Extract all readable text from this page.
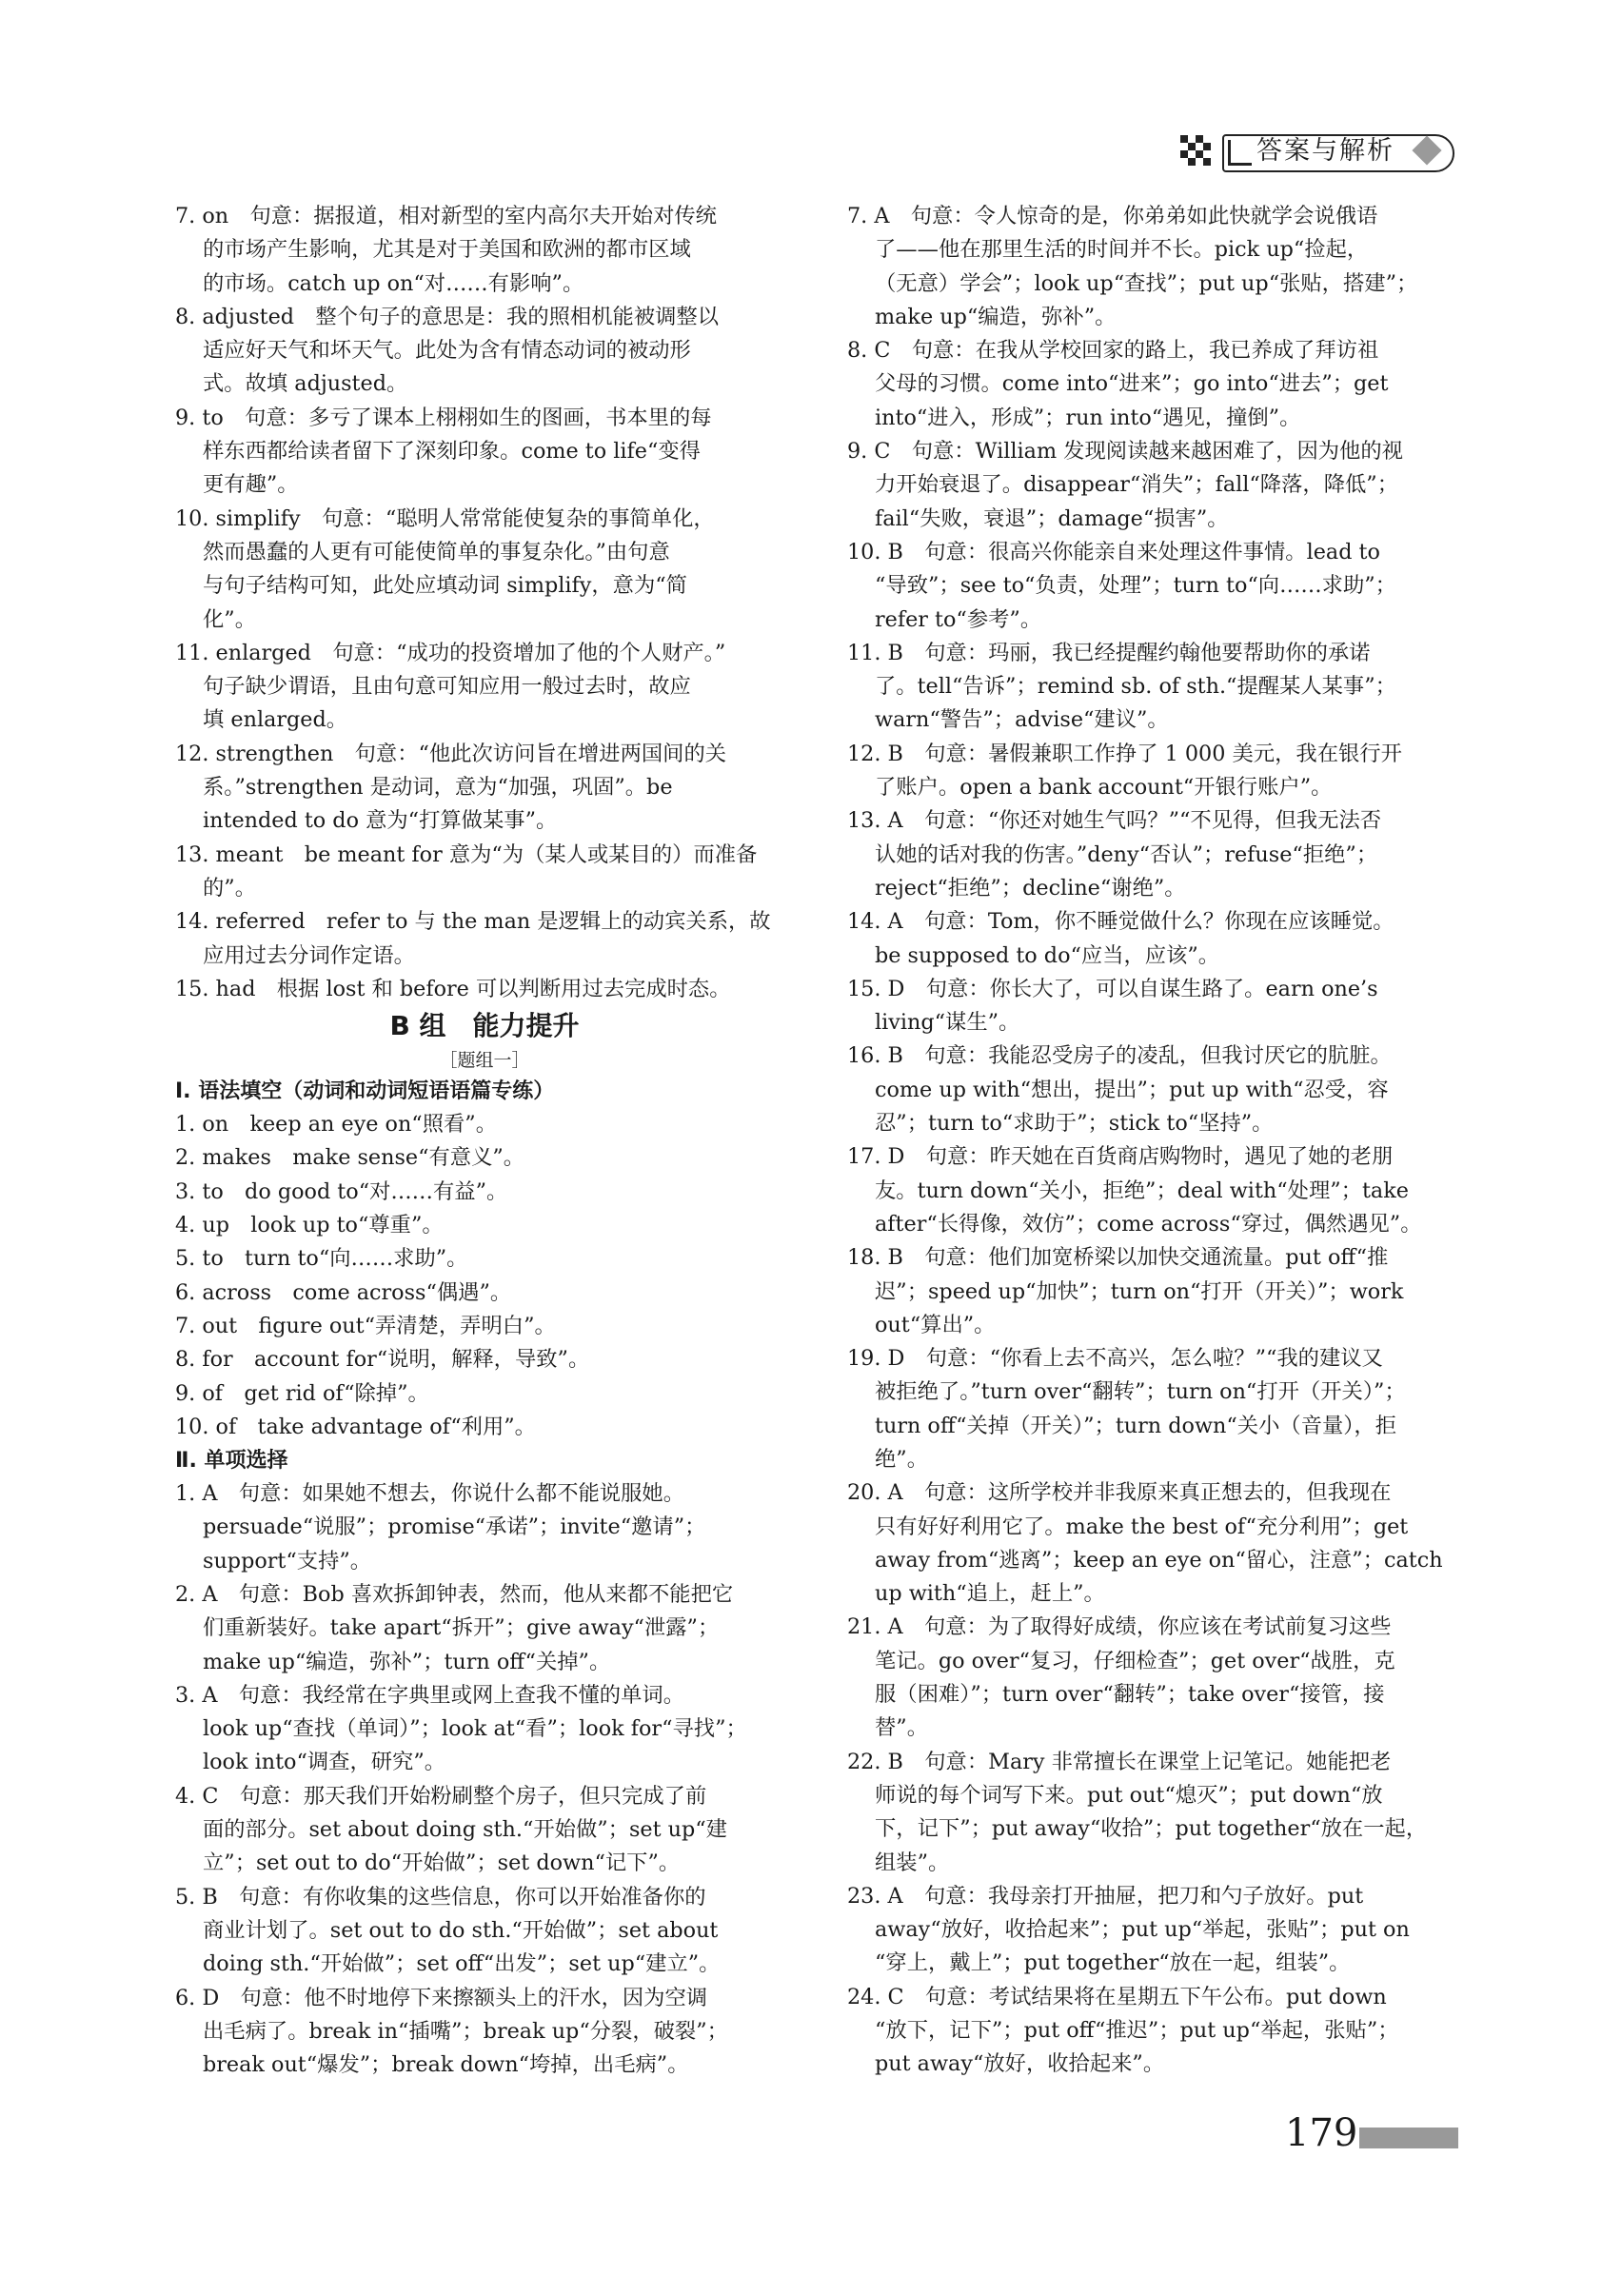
答案与解析
7. on　句意：据报道，相对新型的室内高尔夫开始对传统
的市场产生影响，尤其是对于美国和欧洲的都市区域
的市场。catch up on“对……有影响”。
8. adjusted　整个句子的意思是：我的照相机能被调整以
适应好天气和坏天气。此处为含有情态动词的被动形
式。故填 adjusted。
9. to　句意：多亏了课本上栩栩如生的图画，书本里的每
样东西都给读者留下了深刻印象。come to life“变得
更有趣”。
10. simplify　句意：“聪明人常常能使复杂的事简单化，
然而愚蠢的人更有可能使简单的事复杂化。”由句意
与句子结构可知，此处应填动词 simplify，意为“简
化”。
11. enlarged　句意：“成功的投资增加了他的个人财产。”
句子缺少谓语，且由句意可知应用一般过去时，故应
填 enlarged。
12. strengthen　句意：“他此次访问旨在增进两国间的关
系。”strengthen 是动词，意为“加强，巩固”。be
intended to do 意为“打算做某事”。
13. meant　be meant for 意为“为（某人或某目的）而准备
的”。
14. referred　refer to 与 the man 是逻辑上的动宾关系，故
应用过去分词作定语。
15. had　根据 lost 和 before 可以判断用过去完成时态。
B 组　能力提升
［题组一］
Ⅰ. 语法填空（动词和动词短语语篇专练）
1. on　keep an eye on“照看”。
2. makes　make sense“有意义”。
3. to　do good to“对……有益”。
4. up　look up to“尊重”。
5. to　turn to“向……求助”。
6. across　come across“偶遇”。
7. out　figure out“弄清楚，弄明白”。
8. for　account for“说明，解释，导致”。
9. of　get rid of“除掉”。
10. of　take advantage of“利用”。
Ⅱ. 单项选择
1. A　句意：如果她不想去，你说什么都不能说服她。
persuade“说服”；promise“承诺”；invite“邀请”；
support“支持”。
2. A　句意：Bob 喜欢拆卸钟表，然而，他从来都不能把它
们重新装好。take apart“拆开”；give away“泄露”；
make up“编造，弥补”；turn off“关掉”。
3. A　句意：我经常在字典里或网上查我不懂的单词。
look up“查找（单词）”；look at“看”；look for“寻找”；
look into“调查，研究”。
4. C　句意：那天我们开始粉刷整个房子，但只完成了前
面的部分。set about doing sth.“开始做”；set up“建
立”；set out to do“开始做”；set down“记下”。
5. B　句意：有你收集的这些信息，你可以开始准备你的
商业计划了。set out to do sth.“开始做”；set about
doing sth.“开始做”；set off“出发”；set up“建立”。
6. D　句意：他不时地停下来擦额头上的汗水，因为空调
出毛病了。break in“插嘴”；break up“分裂，破裂”；
break out“爆发”；break down“垮掉，出毛病”。
7. A　句意：令人惊奇的是，你弟弟如此快就学会说俄语
了——他在那里生活的时间并不长。pick up“捡起，
（无意）学会”；look up“查找”；put up“张贴，搭建”；
make up“编造，弥补”。
8. C　句意：在我从学校回家的路上，我已养成了拜访祖
父母的习惯。come into“进来”；go into“进去”；get
into“进入，形成”；run into“遇见，撞倒”。
9. C　句意：William 发现阅读越来越困难了，因为他的视
力开始衰退了。disappear“消失”；fall“降落，降低”；
fail“失败，衰退”；damage“损害”。
10. B　句意：很高兴你能亲自来处理这件事情。lead to
“导致”；see to“负责，处理”；turn to“向……求助”；
refer to“参考”。
11. B　句意：玛丽，我已经提醒约翰他要帮助你的承诺
了。tell“告诉”；remind sb. of sth.“提醒某人某事”；
warn“警告”；advise“建议”。
12. B　句意：暑假兼职工作挣了 1 000 美元，我在银行开
了账户。open a bank account“开银行账户”。
13. A　句意：“你还对她生气吗？”“不见得，但我无法否
认她的话对我的伤害。”deny“否认”；refuse“拒绝”；
reject“拒绝”；decline“谢绝”。
14. A　句意：Tom，你不睡觉做什么？你现在应该睡觉。
be supposed to do“应当，应该”。
15. D　句意：你长大了，可以自谋生路了。earn one’s
living“谋生”。
16. B　句意：我能忍受房子的凌乱，但我讨厌它的肮脏。
come up with“想出，提出”；put up with“忍受，容
忍”；turn to“求助于”；stick to“坚持”。
17. D　句意：昨天她在百货商店购物时，遇见了她的老朋
友。turn down“关小，拒绝”；deal with“处理”；take
after“长得像，效仿”；come across“穿过，偶然遇见”。
18. B　句意：他们加宽桥梁以加快交通流量。put off“推
迟”；speed up“加快”；turn on“打开（开关）”；work
out“算出”。
19. D　句意：“你看上去不高兴，怎么啦？”“我的建议又
被拒绝了。”turn over“翻转”；turn on“打开（开关）”；
turn off“关掉（开关）”；turn down“关小（音量），拒
绝”。
20. A　句意：这所学校并非我原来真正想去的，但我现在
只有好好利用它了。make the best of“充分利用”；get
away from“逃离”；keep an eye on“留心，注意”；catch
up with“追上，赶上”。
21. A　句意：为了取得好成绩，你应该在考试前复习这些
笔记。go over“复习，仔细检查”；get over“战胜，克
服（困难）”；turn over“翻转”；take over“接管，接
替”。
22. B　句意：Mary 非常擅长在课堂上记笔记。她能把老
师说的每个词写下来。put out“熄灭”；put down“放
下，记下”；put away“收拾”；put together“放在一起，
组装”。
23. A　句意：我母亲打开抽屉，把刀和勺子放好。put
away“放好，收拾起来”；put up“举起，张贴”；put on
“穿上，戴上”；put together“放在一起，组装”。
24. C　句意：考试结果将在星期五下午公布。put down
“放下，记下”；put off“推迟”；put up“举起，张贴”；
put away“放好，收拾起来”。
179
